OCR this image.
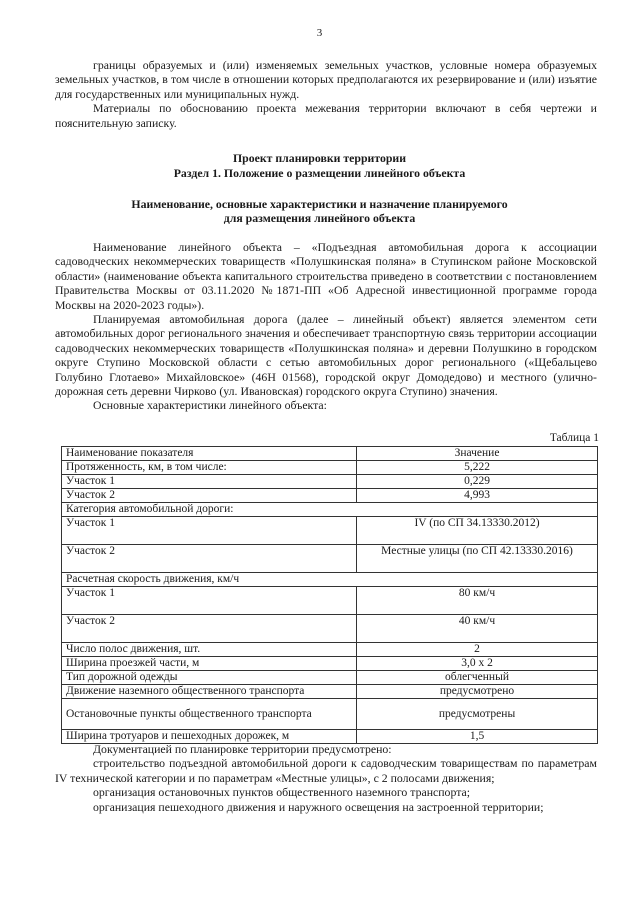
3

границы образуемых и (или) изменяемых земельных участков, условные номера образуемых земельных участков, в том числе в отношении которых предполагаются их резервирование и (или) изъятие для государственных или муниципальных нужд.

Материалы по обоснованию проекта межевания территории включают в себя чертежи и пояснительную записку.

Проект планировки территории

Раздел 1. Положение о размещении линейного объекта

Наименование, основные характеристики и назначение планируемого

для размещения линейного объекта

Наименование линейного объекта – «Подъездная автомобильная дорога к ассоциации садоводческих некоммерческих товариществ «Полушкинская поляна» в Ступинском районе Московской области» (наименование объекта капитального строительства приведено в соответствии с постановлением Правительства Москвы от 03.11.2020 №1871-ПП «Об Адресной инвестиционной программе города Москвы на 2020-2023 годы»).

Планируемая автомобильная дорога (далее – линейный объект) является элементом сети автомобильных дорог регионального значения и обеспечивает транспортную связь территории ассоциации садоводческих некоммерческих товариществ «Полушкинская поляна» и деревни Полушкино в городском округе Ступино Московской области с сетью автомобильных дорог регионального («Щебальцево Голубино Глотаево» Михайловское» (46Н 01568), городской округ Домодедово) и местного (улично-дорожная сеть деревни Чирково (ул. Ивановская) городского округа Ступино) значения.

Основные характеристики линейного объекта:

Таблица 1
Наименование показателя	Значение
Протяженность, км, в том числе:	5,222
Участок 1	0,229
Участок 2	4,993
Категория автомобильной дороги:	
Участок 1	IV (по СП 34.13330.2012)
Участок 2	Местные улицы (по СП 42.13330.2016)
Расчетная скорость движения, км/ч	
Участок 1	80 км/ч
Участок 2	40 км/ч
Число полос движения, шт.	2
Ширина проезжей части, м	3,0 х 2
Тип дорожной одежды	облегченный
Движение наземного общественного транспорта	предусмотрено
Остановочные пункты общественного транспорта	предусмотрены
Ширина тротуаров и пешеходных дорожек, м	1,5

Документацией по планировке территории предусмотрено:

строительство подъездной автомобильной дороги к садоводческим товариществам по параметрам IV технической категории и по параметрам «Местные улицы», с 2 полосами движения;

организация остановочных пунктов общественного наземного транспорта;

организация пешеходного движения и наружного освещения на застроенной территории;
